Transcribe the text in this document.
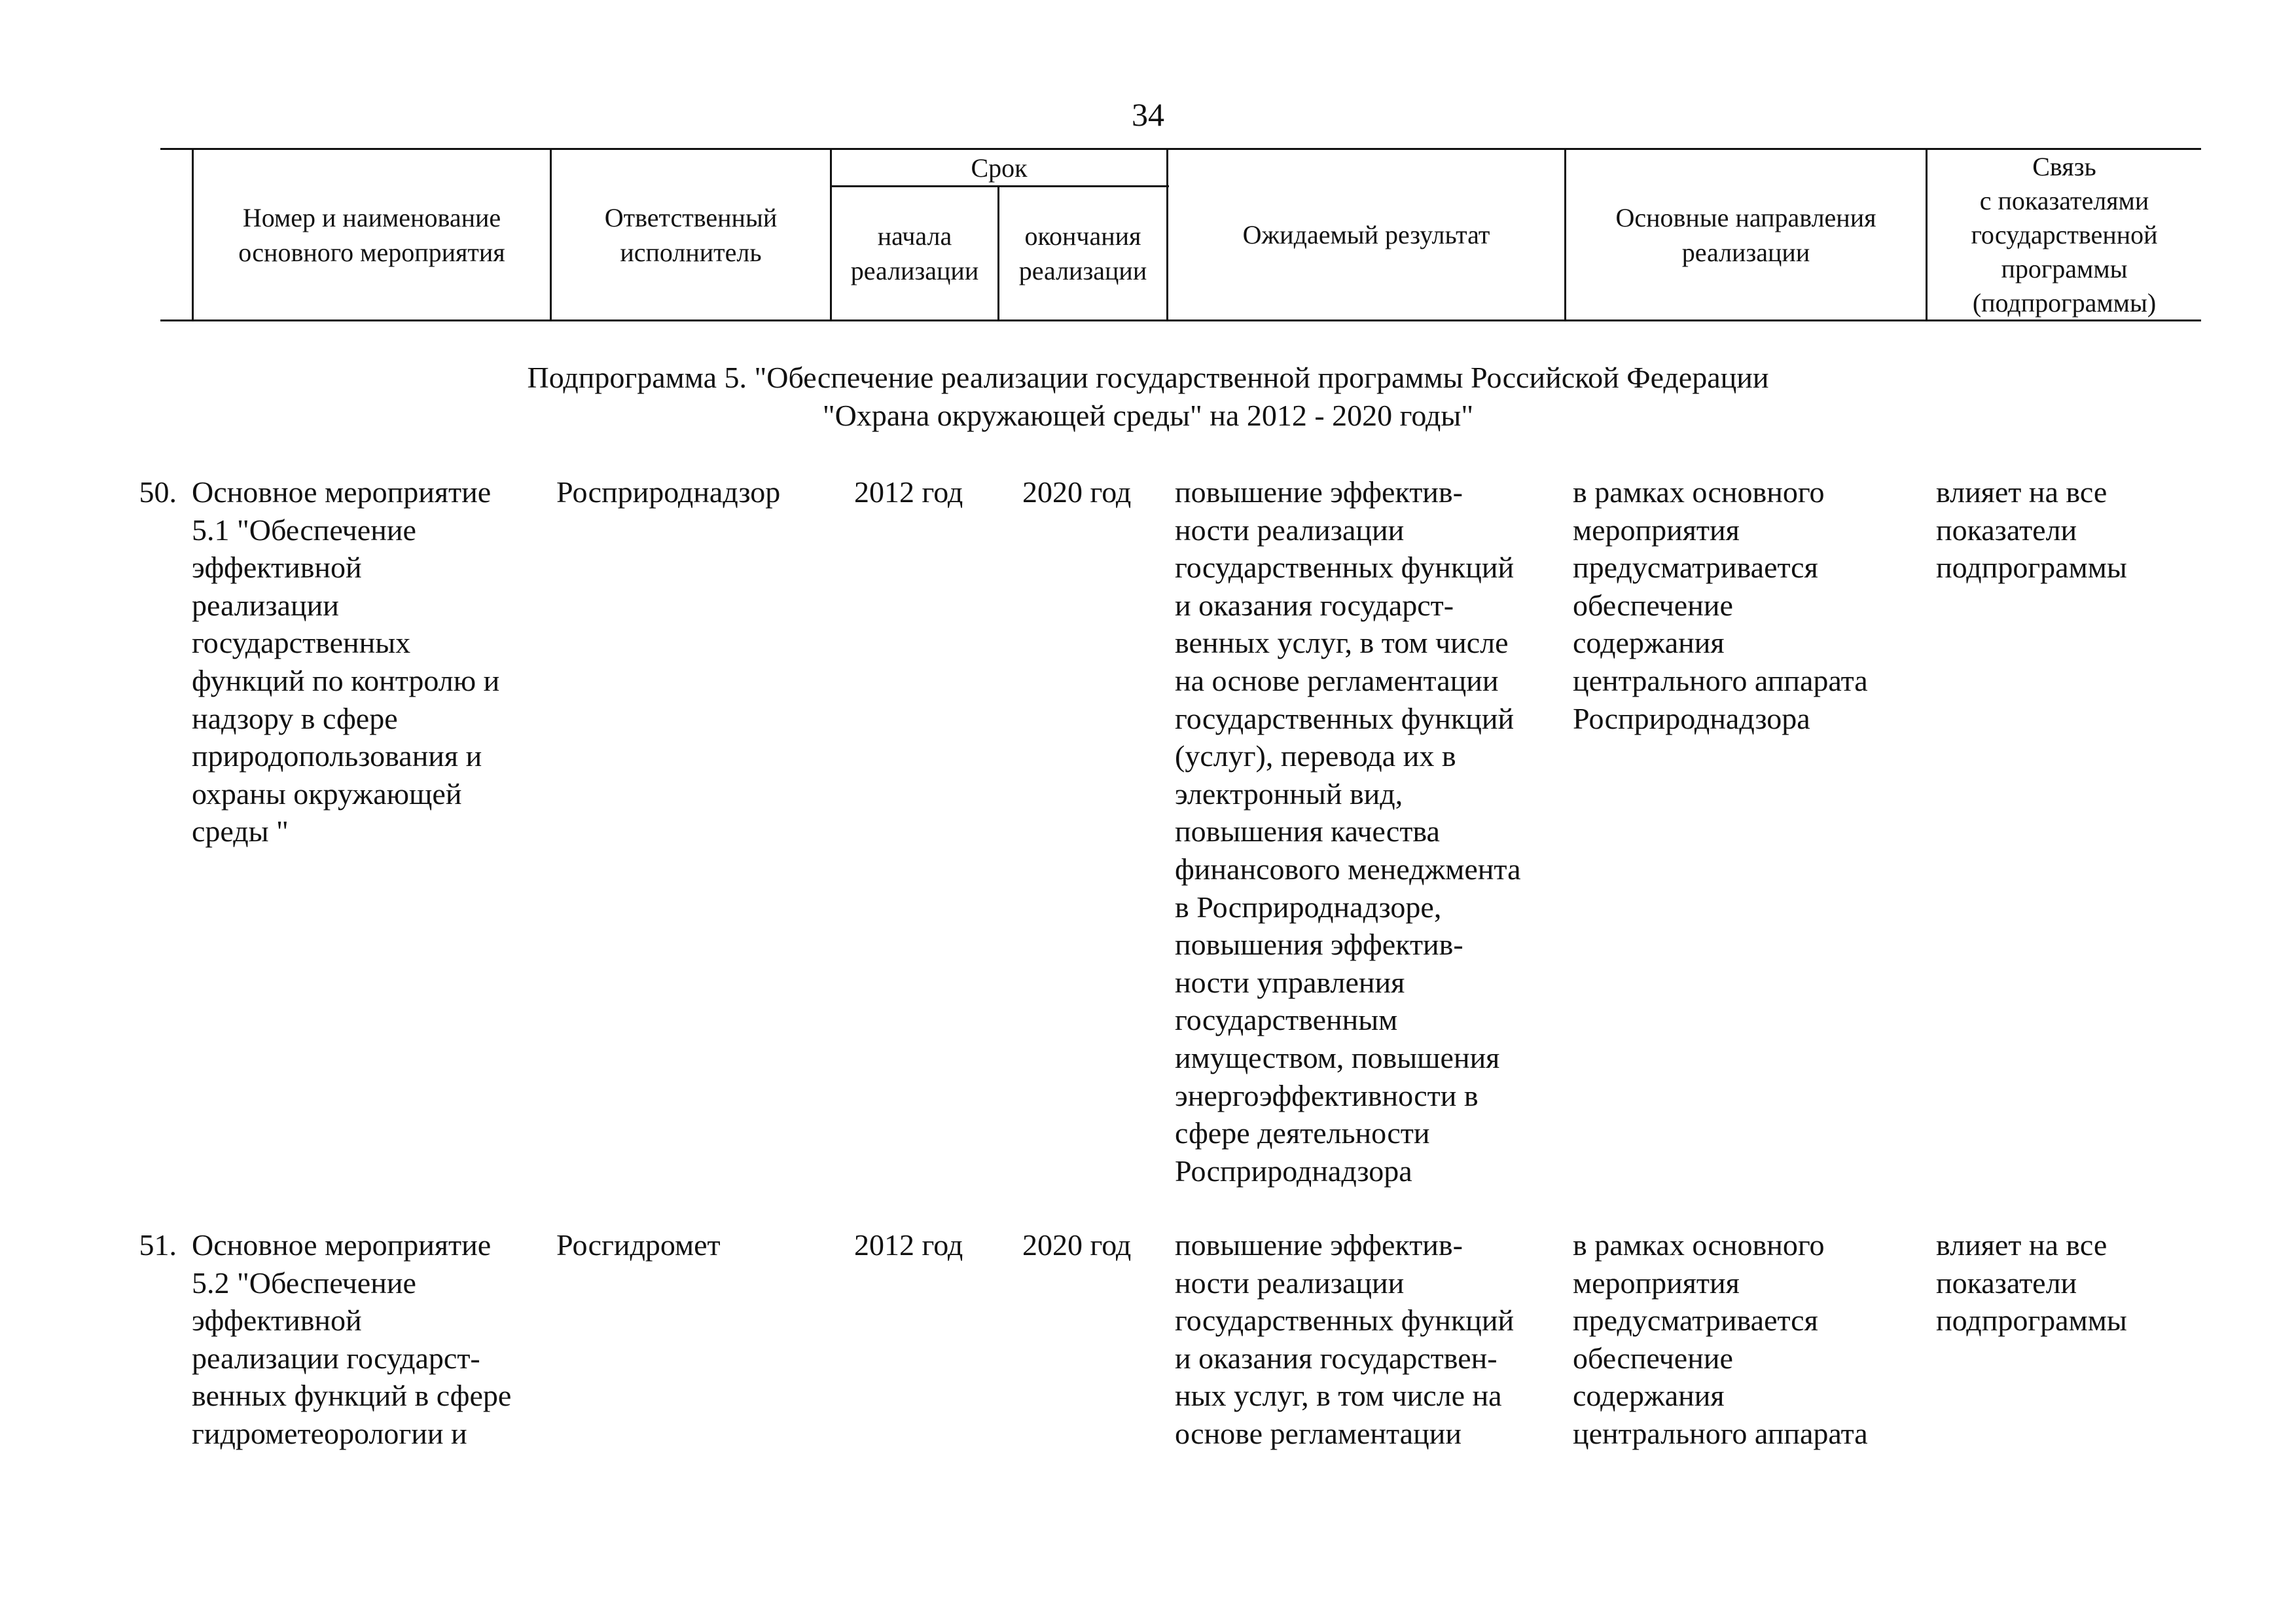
34
Номер и наименование
основного мероприятия
Ответственный
исполнитель
Срок
начала
реализации
окончания
реализации
Ожидаемый результат
Основные направления
реализации
Связь
с показателями
государственной
программы
(подпрограммы)
Подпрограмма 5. "Обеспечение реализации государственной программы Российской Федерации
"Охрана окружающей среды" на 2012 - 2020 годы"
50. Основное мероприятие
5.1 "Обеспечение
эффективной
реализации
государственных
функций по контролю и
надзору в сфере
природопользования и
охраны окружающей
среды "
Росприроднадзор 2012 год 2020 год повышение эффектив-
ности реализации
государственных функций
и оказания государст-
венных услуг, в том числе
на основе регламентации
государственных функций
(услуг), перевода их в
электронный вид,
повышения качества
финансового менеджмента
в Росприроднадзоре,
повышения эффектив-
ности управления
государственным
имуществом, повышения
энергоэффективности в
сфере деятельности
Росприроднадзора
в рамках основного
мероприятия
предусматривается
обеспечение
содержания
центрального аппарата
Росприроднадзора
влияет на все
показатели
подпрограммы
51. Основное мероприятие
5.2 "Обеспечение
эффективной
реализации государст-
венных функций в сфере
гидрометеорологии и
Росгидромет	2012 год 2020 год повышение эффектив-
ности реализации
государственных функций
и оказания государствен-
ных услуг, в том числе на
основе регламентации
в рамках основного
мероприятия
предусматривается
обеспечение
содержания
центрального аппарата
влияет на все
показатели
подпрограммы
